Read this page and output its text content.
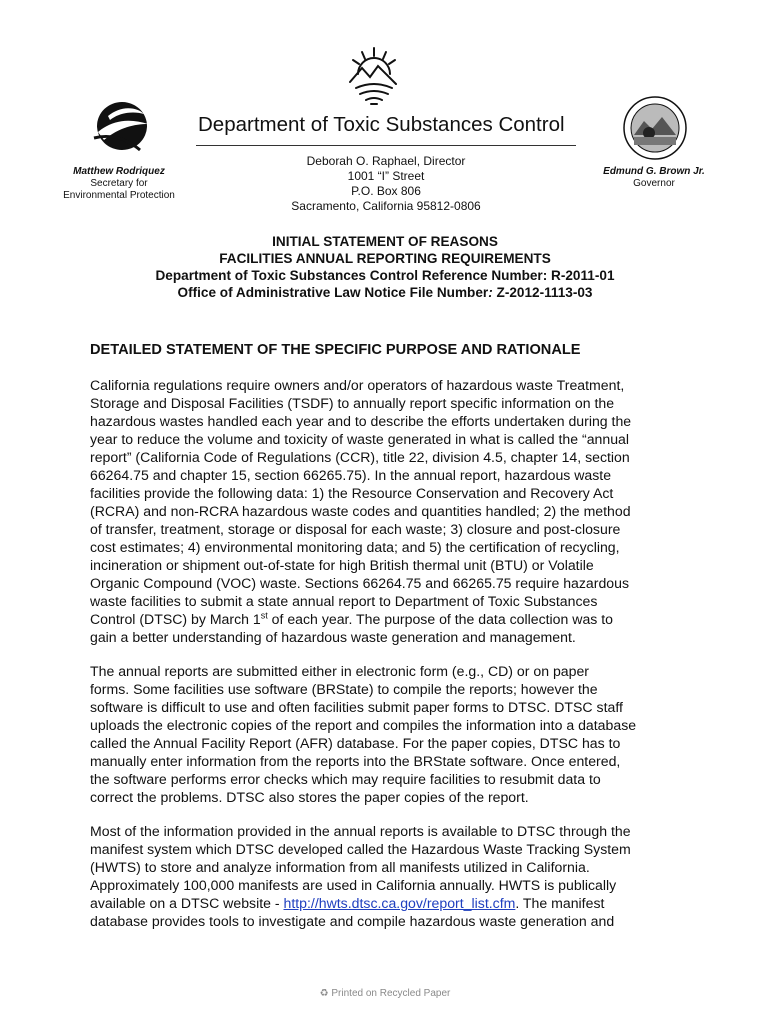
Department of Toxic Substances Control
Matthew Rodriquez
Secretary for
Environmental Protection
Deborah O. Raphael, Director
1001 “I” Street
P.O. Box 806
Sacramento, California 95812-0806
Edmund G. Brown Jr.
Governor
INITIAL STATEMENT OF REASONS
FACILITIES ANNUAL REPORTING REQUIREMENTS
Department of Toxic Substances Control Reference Number: R-2011-01
Office of Administrative Law Notice File Number: Z-2012-1113-03
DETAILED STATEMENT OF THE SPECIFIC PURPOSE AND RATIONALE
California regulations require owners and/or operators of hazardous waste Treatment,
Storage and Disposal Facilities (TSDF) to annually report specific information on the
hazardous wastes handled each year and to describe the efforts undertaken during the
year to reduce the volume and toxicity of waste generated in what is called the “annual
report” (California Code of Regulations (CCR), title 22, division 4.5, chapter 14, section
66264.75 and chapter 15, section 66265.75). In the annual report, hazardous waste
facilities provide the following data: 1) the Resource Conservation and Recovery Act
(RCRA) and non-RCRA hazardous waste codes and quantities handled; 2) the method
of transfer, treatment, storage or disposal for each waste; 3) closure and post-closure
cost estimates; 4) environmental monitoring data; and 5) the certification of recycling,
incineration or shipment out-of-state for high British thermal unit (BTU) or Volatile
Organic Compound (VOC) waste. Sections 66264.75 and 66265.75 require hazardous
waste facilities to submit a state annual report to Department of Toxic Substances
Control (DTSC) by March 1st of each year. The purpose of the data collection was to
gain a better understanding of hazardous waste generation and management.
The annual reports are submitted either in electronic form (e.g., CD) or on paper
forms. Some facilities use software (BRState) to compile the reports; however the
software is difficult to use and often facilities submit paper forms to DTSC. DTSC staff
uploads the electronic copies of the report and compiles the information into a database
called the Annual Facility Report (AFR) database. For the paper copies, DTSC has to
manually enter information from the reports into the BRState software. Once entered,
the software performs error checks which may require facilities to resubmit data to
correct the problems. DTSC also stores the paper copies of the report.
Most of the information provided in the annual reports is available to DTSC through the
manifest system which DTSC developed called the Hazardous Waste Tracking System
(HWTS) to store and analyze information from all manifests utilized in California.
Approximately 100,000 manifests are used in California annually. HWTS is publically
available on a DTSC website - http://hwts.dtsc.ca.gov/report_list.cfm. The manifest
database provides tools to investigate and compile hazardous waste generation and
♻ Printed on Recycled Paper
